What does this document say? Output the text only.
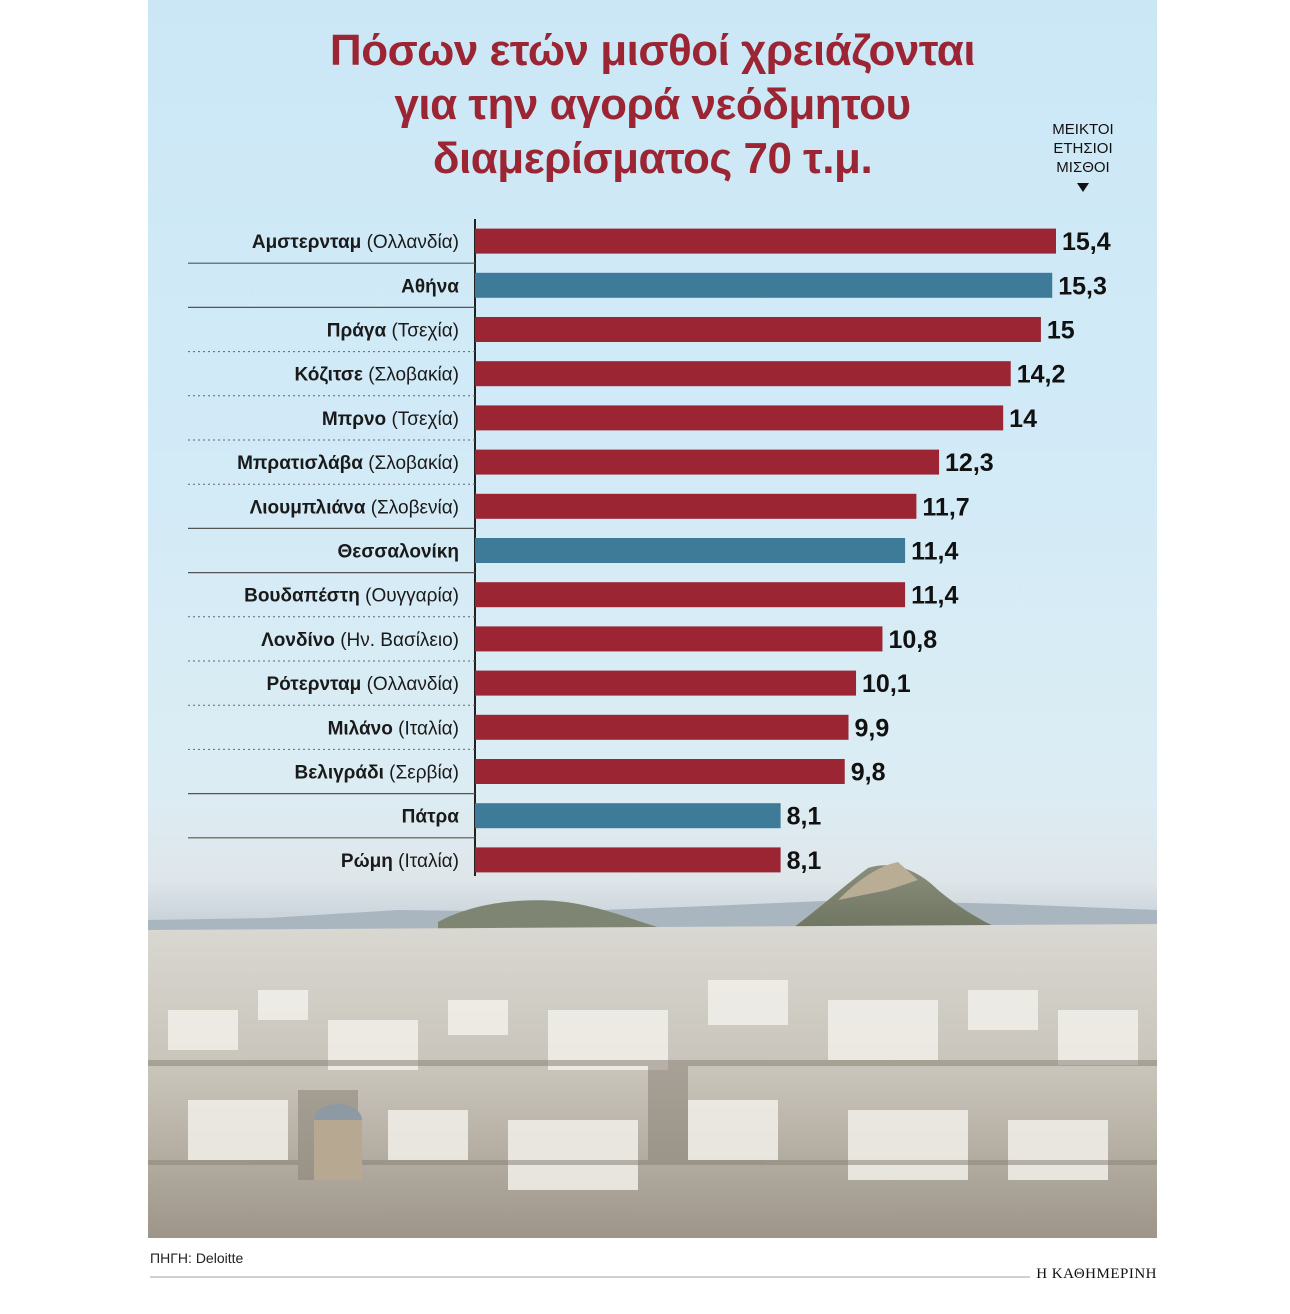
Πόσων ετών μισθοί χρειάζονται
για την αγορά νεόδμητου
διαμερίσματος 70 τ.μ.
ΜΕΙΚΤΟΙ
ΕΤΗΣΙΟΙ
ΜΙΣΘΟΙ
15,4
Αμστερνταμ (Ολλανδία)
15,3
Αθήνα
15
Πράγα (Τσεχία)
14,2
Κόζιτσε (Σλοβακία)
14
Μπρνο (Τσεχία)
12,3
Μπρατισλάβα (Σλοβακία)
11,7
Λιουμπλιάνα (Σλοβενία)
11,4
Θεσσαλονίκη
11,4
Βουδαπέστη (Ουγγαρία)
10,8
Λονδίνο (Ην. Βασίλειο)
10,1
Ρότερνταμ (Ολλανδία)
9,9
Μιλάνο (Ιταλία)
9,8
Βελιγράδι (Σερβία)
8,1
Πάτρα
8,1
Ρώμη (Ιταλία)
ΠΗΓΗ: Deloitte
Η ΚΑΘΗΜΕΡΙΝΗ
